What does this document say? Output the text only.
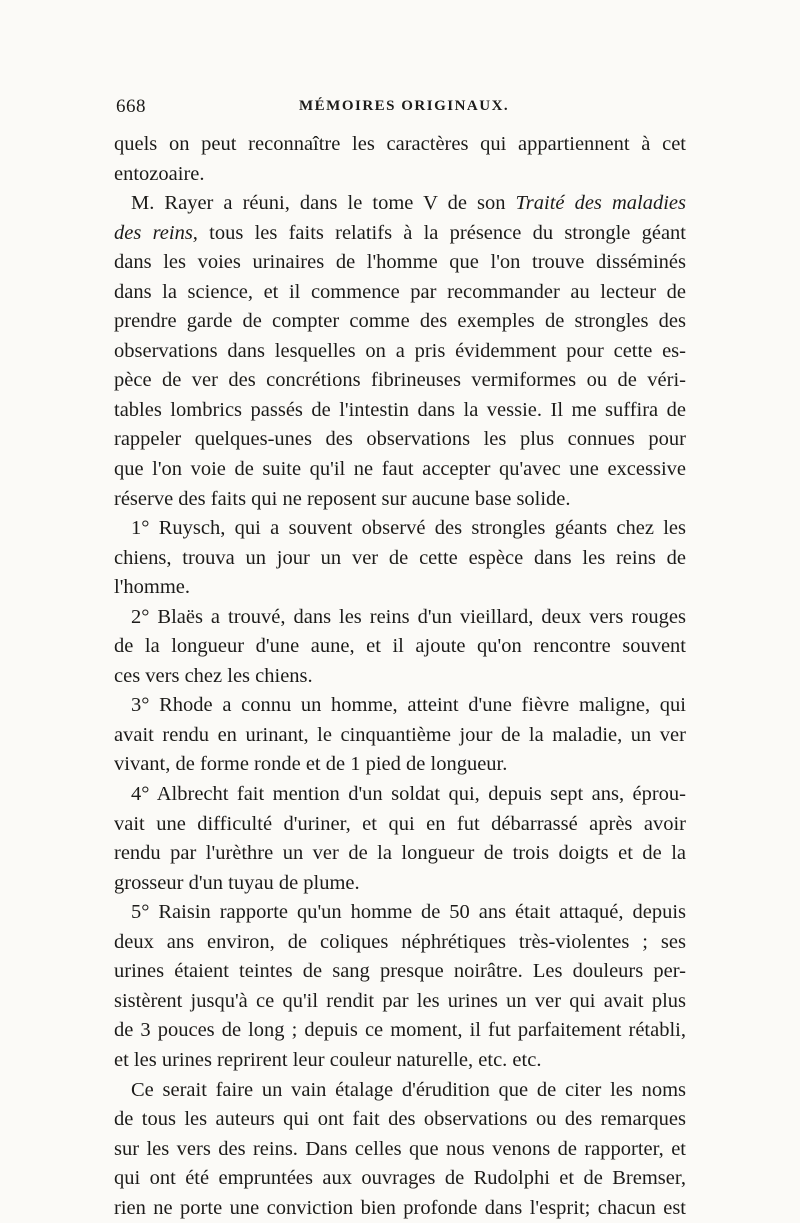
668	MÉMOIRES ORIGINAUX.
quels on peut reconnaître les caractères qui appartiennent à cet
entozoaire.
M. Rayer a réuni, dans le tome V de son Traité des maladies
des reins, tous les faits relatifs à la présence du strongle géant
dans les voies urinaires de l'homme que l'on trouve disséminés
dans la science, et il commence par recommander au lecteur de
prendre garde de compter comme des exemples de strongles des
observations dans lesquelles on a pris évidemment pour cette es-
pèce de ver des concrétions fibrineuses vermiformes ou de véri-
tables lombrics passés de l'intestin dans la vessie. Il me suffira de
rappeler quelques-unes des observations les plus connues pour
que l'on voie de suite qu'il ne faut accepter qu'avec une excessive
réserve des faits qui ne reposent sur aucune base solide.
1° Ruysch, qui a souvent observé des strongles géants chez les
chiens, trouva un jour un ver de cette espèce dans les reins de
l'homme.
2° Blaës a trouvé, dans les reins d'un vieillard, deux vers rouges
de la longueur d'une aune, et il ajoute qu'on rencontre souvent
ces vers chez les chiens.
3° Rhode a connu un homme, atteint d'une fièvre maligne, qui
avait rendu en urinant, le cinquantième jour de la maladie, un ver
vivant, de forme ronde et de 1 pied de longueur.
4° Albrecht fait mention d'un soldat qui, depuis sept ans, éprou-
vait une difficulté d'uriner, et qui en fut débarrassé après avoir
rendu par l'urèthre un ver de la longueur de trois doigts et de la
grosseur d'un tuyau de plume.
5° Raisin rapporte qu'un homme de 50 ans était attaqué, depuis
deux ans environ, de coliques néphrétiques très-violentes ; ses
urines étaient teintes de sang presque noirâtre. Les douleurs per-
sistèrent jusqu'à ce qu'il rendit par les urines un ver qui avait plus
de 3 pouces de long ; depuis ce moment, il fut parfaitement rétabli,
et les urines reprirent leur couleur naturelle, etc. etc.
Ce serait faire un vain étalage d'érudition que de citer les noms
de tous les auteurs qui ont fait des observations ou des remarques
sur les vers des reins. Dans celles que nous venons de rapporter, et
qui ont été empruntées aux ouvrages de Rudolphi et de Bremser,
rien ne porte une conviction bien profonde dans l'esprit; chacun est
